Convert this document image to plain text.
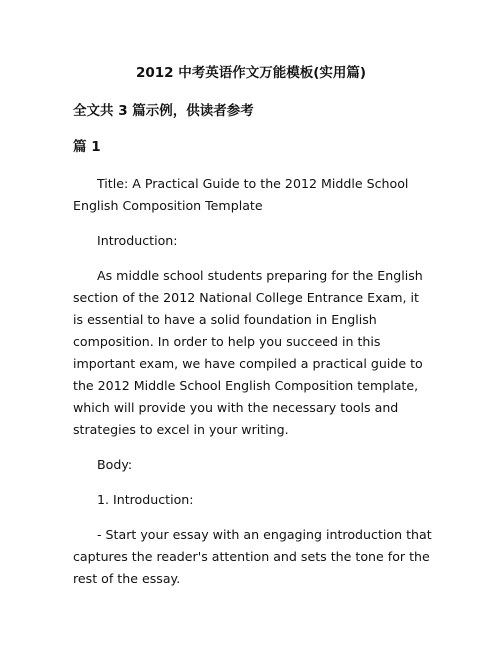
2012 中考英语作文万能模板(实用篇)
全文共 3 篇示例，供读者参考
篇 1

Title: A Practical Guide to the 2012 Middle School English Composition Template

Introduction:

As middle school students preparing for the English section of the 2012 National College Entrance Exam, it is essential to have a solid foundation in English composition. In order to help you succeed in this important exam, we have compiled a practical guide to the 2012 Middle School English Composition template, which will provide you with the necessary tools and strategies to excel in your writing.

Body:

1. Introduction:

- Start your essay with an engaging introduction that captures the reader's attention and sets the tone for the rest of the essay.
